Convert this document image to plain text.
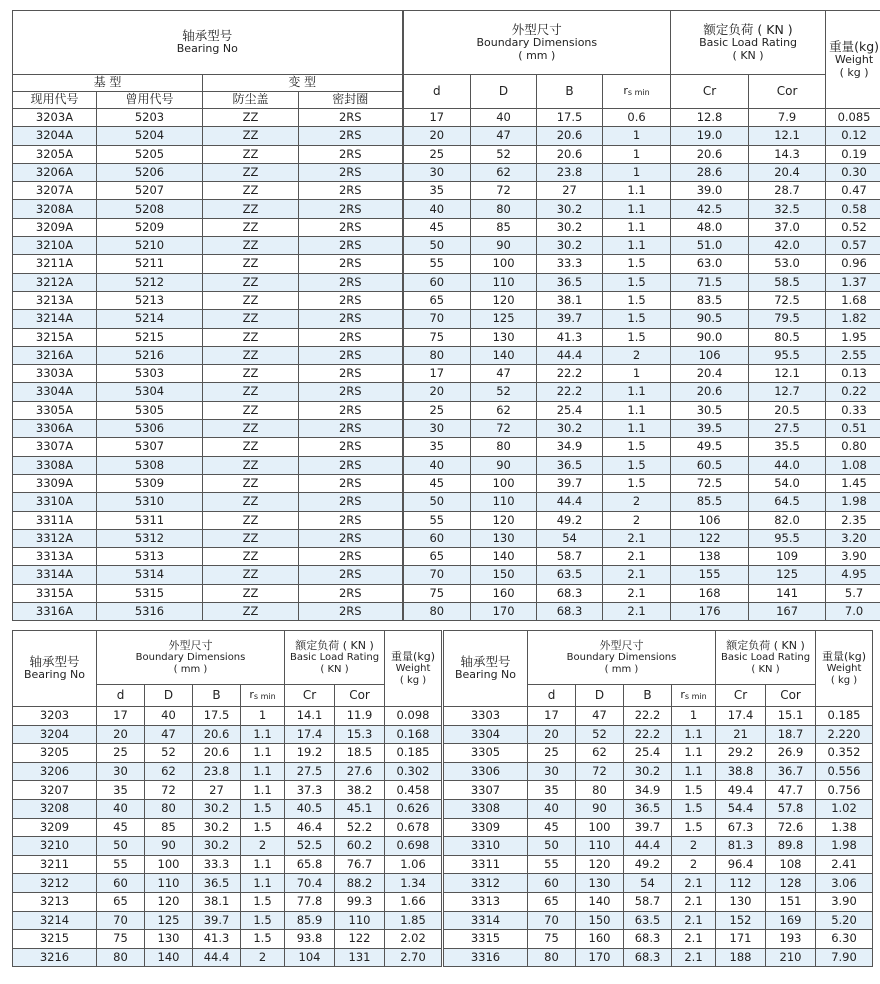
轴承型号
Bearing No				外型尺寸
Boundary Dimensions
( mm )				额定负荷 ( KN )
Basic Load Rating
( KN )		重量(kg)
Weight
( kg )

基 型		变 型		d	D	B	$r_{s min}$	Cr	Cor	
现用代号	曾用代号	防尘盖	密封圈							
3203A	5203	ZZ	2RS	17	40	17.5	0.6	12.8	7.9	0.085
3204A	5204	ZZ	2RS	20	47	20.6	1	19.0	12.1	0.12
3205A	5205	ZZ	2RS	25	52	20.6	1	20.6	14.3	0.19
3206A	5206	ZZ	2RS	30	62	23.8	1	28.6	20.4	0.30
3207A	5207	ZZ	2RS	35	72	27	1.1	39.0	28.7	0.47
3208A	5208	ZZ	2RS	40	80	30.2	1.1	42.5	32.5	0.58
3209A	5209	ZZ	2RS	45	85	30.2	1.1	48.0	37.0	0.52
3210A	5210	ZZ	2RS	50	90	30.2	1.1	51.0	42.0	0.57
3211A	5211	ZZ	2RS	55	100	33.3	1.5	63.0	53.0	0.96
3212A	5212	ZZ	2RS	60	110	36.5	1.5	71.5	58.5	1.37
3213A	5213	ZZ	2RS	65	120	38.1	1.5	83.5	72.5	1.68
3214A	5214	ZZ	2RS	70	125	39.7	1.5	90.5	79.5	1.82
3215A	5215	ZZ	2RS	75	130	41.3	1.5	90.0	80.5	1.95
3216A	5216	ZZ	2RS	80	140	44.4	2	106	95.5	2.55
3303A	5303	ZZ	2RS	17	47	22.2	1	20.4	12.1	0.13
3304A	5304	ZZ	2RS	20	52	22.2	1.1	20.6	12.7	0.22
3305A	5305	ZZ	2RS	25	62	25.4	1.1	30.5	20.5	0.33
3306A	5306	ZZ	2RS	30	72	30.2	1.1	39.5	27.5	0.51
3307A	5307	ZZ	2RS	35	80	34.9	1.5	49.5	35.5	0.80
3308A	5308	ZZ	2RS	40	90	36.5	1.5	60.5	44.0	1.08
3309A	5309	ZZ	2RS	45	100	39.7	1.5	72.5	54.0	1.45
3310A	5310	ZZ	2RS	50	110	44.4	2	85.5	64.5	1.98
3311A	5311	ZZ	2RS	55	120	49.2	2	106	82.0	2.35
3312A	5312	ZZ	2RS	60	130	54	2.1	122	95.5	3.20
3313A	5313	ZZ	2RS	65	140	58.7	2.1	138	109	3.90
3314A	5314	ZZ	2RS	70	150	63.5	2.1	155	125	4.95
3315A	5315	ZZ	2RS	75	160	68.3	2.1	168	141	5.7
3316A	5316	ZZ	2RS	80	170	68.3	2.1	176	167	7.0
轴承型号
Bearing No	外型尺寸
Boundary Dimensions
( mm )				额定负荷 ( KN )
Basic Load Rating
( KN )		重量(kg)
Weight
( kg )

	d	D	B	$r_{s min}$	Cr	Cor	
3203	17	40	17.5	1	14.1	11.9	0.098
3204	20	47	20.6	1.1	17.4	15.3	0.168
3205	25	52	20.6	1.1	19.2	18.5	0.185
3206	30	62	23.8	1.1	27.5	27.6	0.302
3207	35	72	27	1.1	37.3	38.2	0.458
3208	40	80	30.2	1.5	40.5	45.1	0.626
3209	45	85	30.2	1.5	46.4	52.2	0.678
3210	50	90	30.2	2	52.5	60.2	0.698
3211	55	100	33.3	1.1	65.8	76.7	1.06
3212	60	110	36.5	1.1	70.4	88.2	1.34
3213	65	120	38.1	1.5	77.8	99.3	1.66
3214	70	125	39.7	1.5	85.9	110	1.85
3215	75	130	41.3	1.5	93.8	122	2.02
3216	80	140	44.4	2	104	131	2.70
轴承型号
Bearing No	外型尺寸
Boundary Dimensions
( mm )				额定负荷 ( KN )
Basic Load Rating
( KN )		重量(kg)
Weight
( kg )

	d	D	B	$r_{s min}$	Cr	Cor	
3303	17	47	22.2	1	17.4	15.1	0.185
3304	20	52	22.2	1.1	21	18.7	2.220
3305	25	62	25.4	1.1	29.2	26.9	0.352
3306	30	72	30.2	1.1	38.8	36.7	0.556
3307	35	80	34.9	1.5	49.4	47.7	0.756
3308	40	90	36.5	1.5	54.4	57.8	1.02
3309	45	100	39.7	1.5	67.3	72.6	1.38
3310	50	110	44.4	2	81.3	89.8	1.98
3311	55	120	49.2	2	96.4	108	2.41
3312	60	130	54	2.1	112	128	3.06
3313	65	140	58.7	2.1	130	151	3.90
3314	70	150	63.5	2.1	152	169	5.20
3315	75	160	68.3	2.1	171	193	6.30
3316	80	170	68.3	2.1	188	210	7.90
